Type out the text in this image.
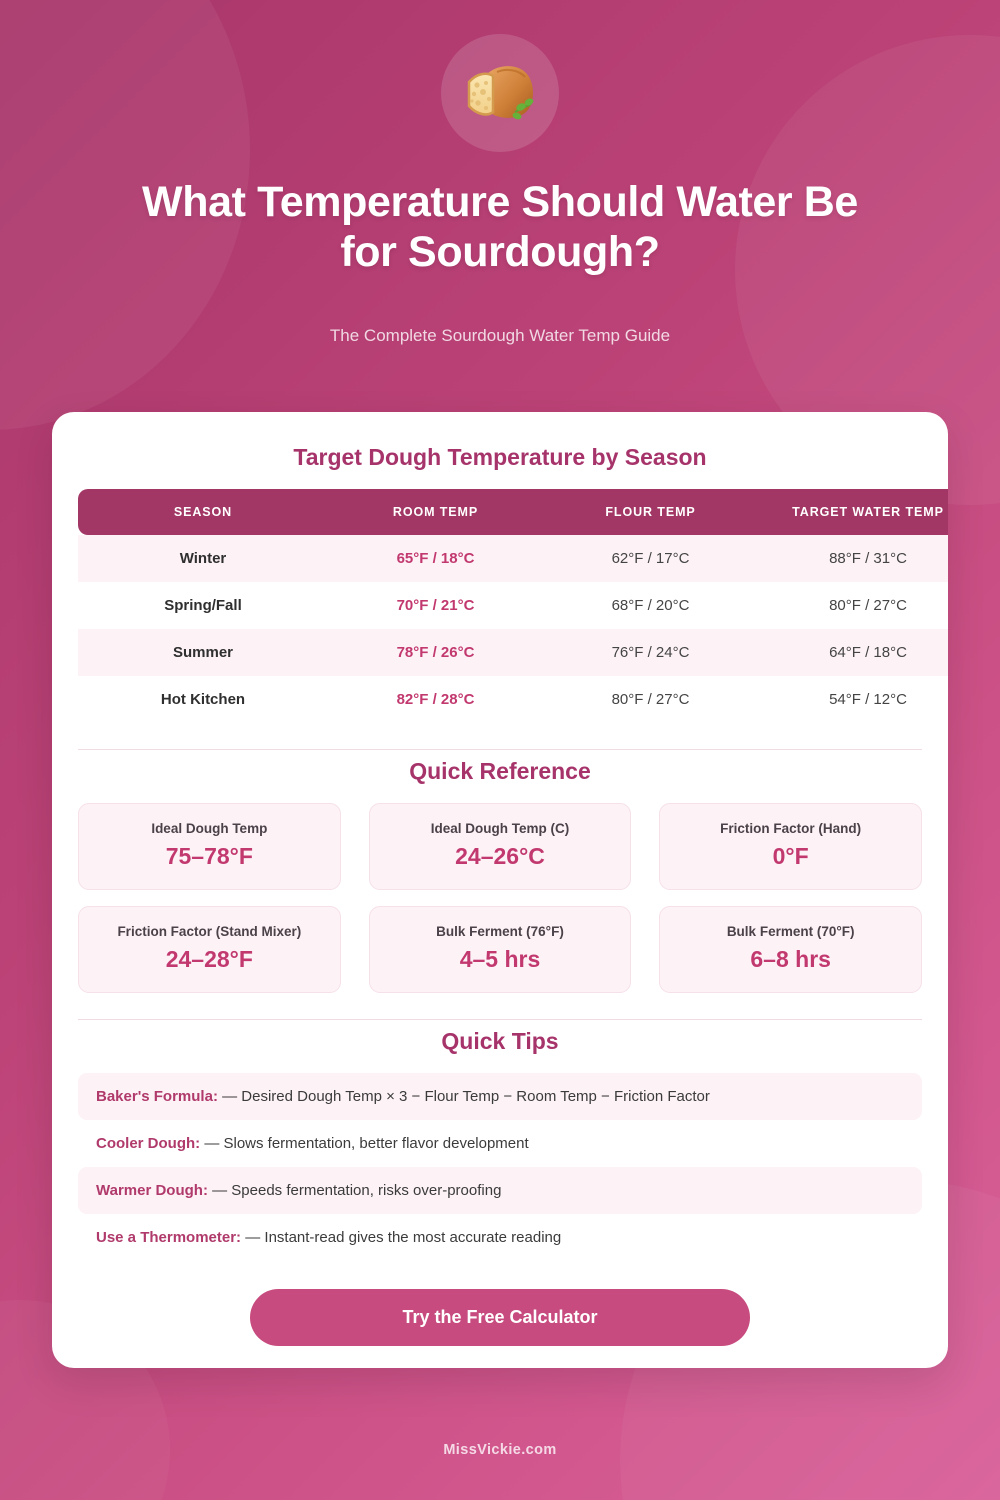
What Temperature Should Water Be for Sourdough?
The Complete Sourdough Water Temp Guide
Target Dough Temperature by Season
SEASON	ROOM TEMP	FLOUR TEMP	TARGET WATER TEMP
Winter	65°F / 18°C	62°F / 17°C	88°F / 31°C
Spring/Fall	70°F / 21°C	68°F / 20°C	80°F / 27°C
Summer	78°F / 26°C	76°F / 24°C	64°F / 18°C
Hot Kitchen	82°F / 28°C	80°F / 27°C	54°F / 12°C
Quick Reference
Ideal Dough Temp
75–78°F
Ideal Dough Temp (C)
24–26°C
Friction Factor (Hand)
0°F
Friction Factor (Stand Mixer)
24–28°F
Bulk Ferment (76°F)
4–5 hrs
Bulk Ferment (70°F)
6–8 hrs
Quick Tips
Baker's Formula: — Desired Dough Temp × 3 − Flour Temp − Room Temp − Friction Factor
Cooler Dough: — Slows fermentation, better flavor development
Warmer Dough: — Speeds fermentation, risks over-proofing
Use a Thermometer: — Instant-read gives the most accurate reading
Try the Free Calculator
MissVickie.com
